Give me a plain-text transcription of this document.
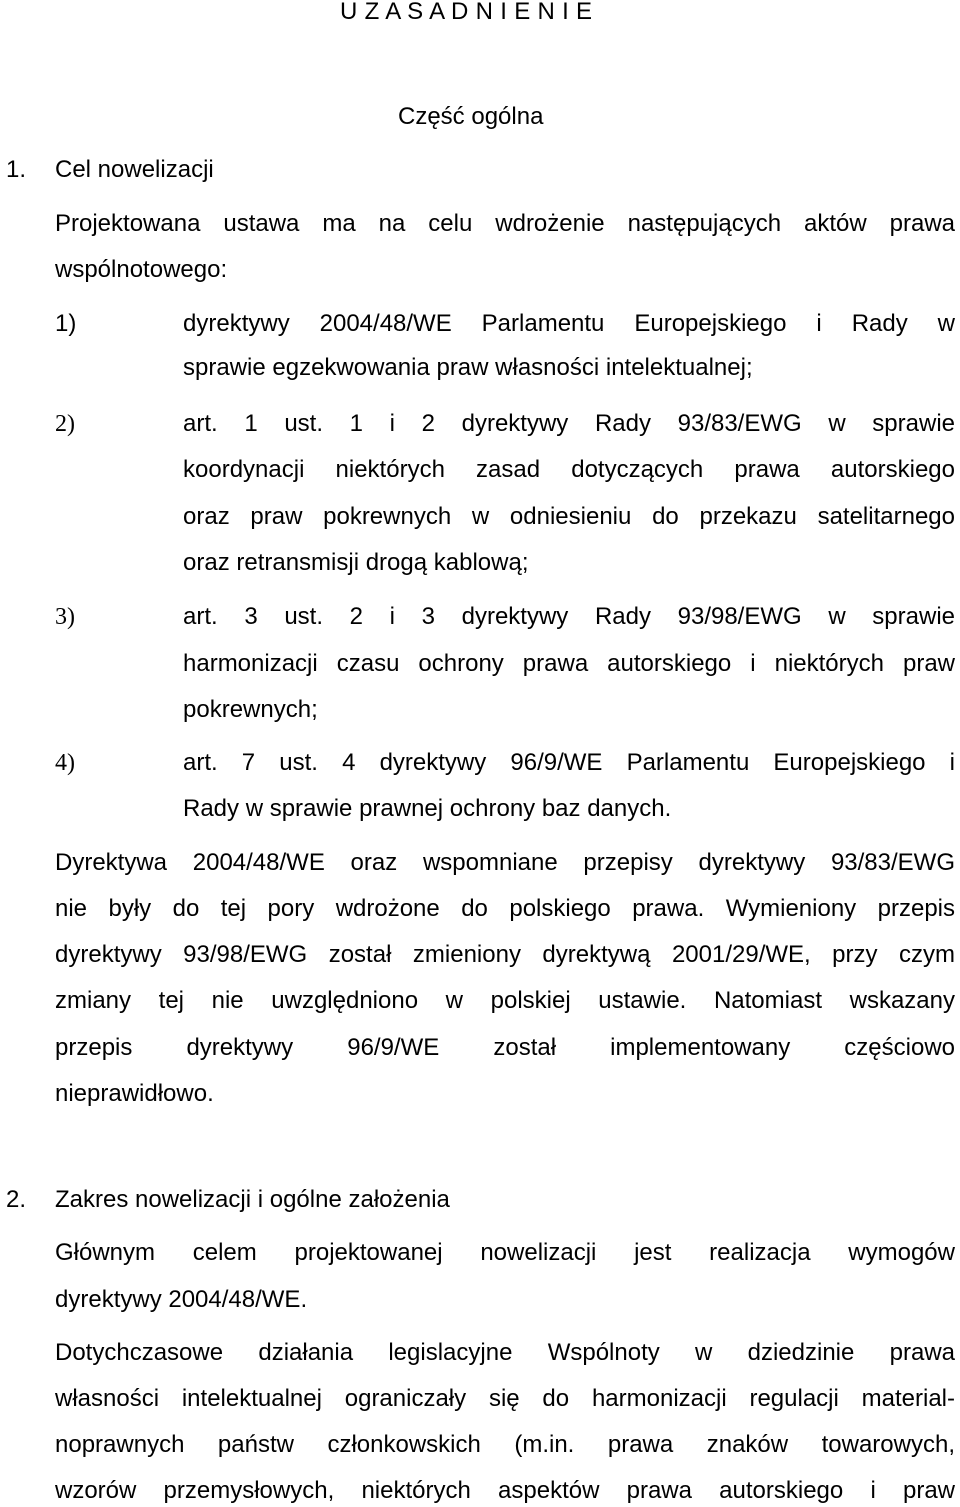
U Z A S A D N I E N I E
Część ogólna
1. Cel nowelizacji
Projektowana ustawa ma na celu wdrożenie następujących aktów prawa
wspólnotowego:
1)	dyrektywy 2004/48/WE Parlamentu Europejskiego i Rady w
sprawie egzekwowania praw własności intelektualnej;
2)	art. 1 ust. 1 i 2 dyrektywy Rady 93/83/EWG w sprawie
koordynacji niektórych zasad dotyczących prawa autorskiego
oraz praw pokrewnych w odniesieniu do przekazu satelitarnego
oraz retransmisji drogą kablową;
3)	art. 3 ust. 2 i 3 dyrektywy Rady 93/98/EWG w sprawie
harmonizacji czasu ochrony prawa autorskiego i niektórych praw
pokrewnych;
4)	art. 7 ust. 4 dyrektywy 96/9/WE Parlamentu Europejskiego i
Rady w sprawie prawnej ochrony baz danych.
Dyrektywa 2004/48/WE oraz wspomniane przepisy dyrektywy 93/83/EWG
nie były do tej pory wdrożone do polskiego prawa. Wymieniony przepis
dyrektywy 93/98/EWG został zmieniony dyrektywą 2001/29/WE, przy czym
zmiany tej nie uwzględniono w polskiej ustawie. Natomiast wskazany
przepis dyrektywy 96/9/WE został implementowany częściowo
nieprawidłowo.
2. Zakres nowelizacji i ogólne założenia
Głównym celem projektowanej nowelizacji jest realizacja wymogów
dyrektywy 2004/48/WE.
Dotychczasowe działania legislacyjne Wspólnoty w dziedzinie prawa
własności intelektualnej ograniczały się do harmonizacji regulacji material-
noprawnych państw członkowskich (m.in. prawa znaków towarowych,
wzorów przemysłowych, niektórych aspektów prawa autorskiego i praw
